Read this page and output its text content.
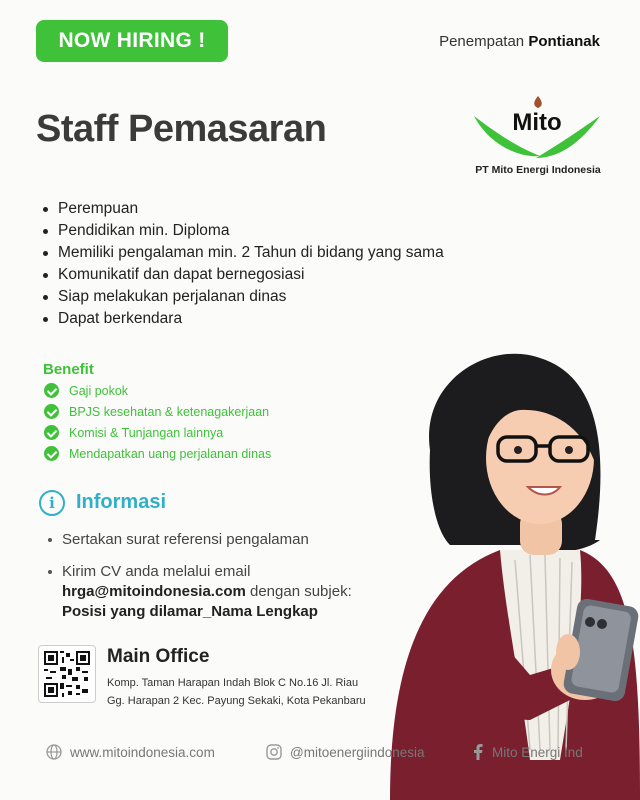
NOW HIRING !	Penempatan Pontianak
Staff Pemasaran	Mito
PT Mito Energi Indonesia
Perempuan
Pendidikan min. Diploma
Memiliki pengalaman min. 2 Tahun di bidang yang sama
Komunikatif dan dapat bernegosiasi
Siap melakukan perjalanan dinas
Dapat berkendara
Benefit
Gaji pokok
BPJS kesehatan & ketenagakerjaan
Komisi & Tunjangan lainnya
Mendapatkan uang perjalanan dinas
i	Informasi
Sertakan surat referensi pengalaman
Kirim CV anda melalui email
hrga@mitoindonesia.com dengan subjek:
Posisi yang dilamar_Nama Lengkap
Main Office
Komp. Taman Harapan Indah Blok C No.16 Jl. Riau
Gg. Harapan 2 Kec. Payung Sekaki, Kota Pekanbaru
www.mitoindonesia.com	@mitoenergiindonesia	Mito Energi Ind
